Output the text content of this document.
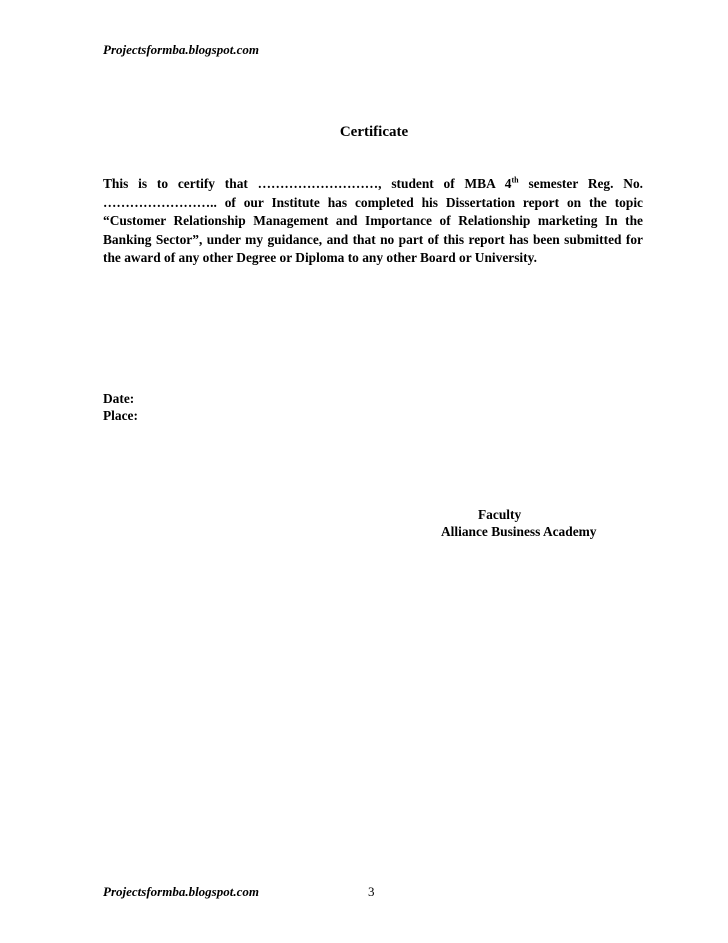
Projectsformba.blogspot.com
Certificate
This is to certify that ………………………, student of MBA 4th semester Reg. No. …………………….. of our Institute has completed his Dissertation report on the topic “Customer Relationship Management and Importance of Relationship marketing In the Banking Sector”, under my guidance, and that no part of this report has been submitted for the award of any other Degree or Diploma to any other Board or University.
Date:
Place:
Faculty
Alliance Business Academy
Projectsformba.blogspot.com	3
